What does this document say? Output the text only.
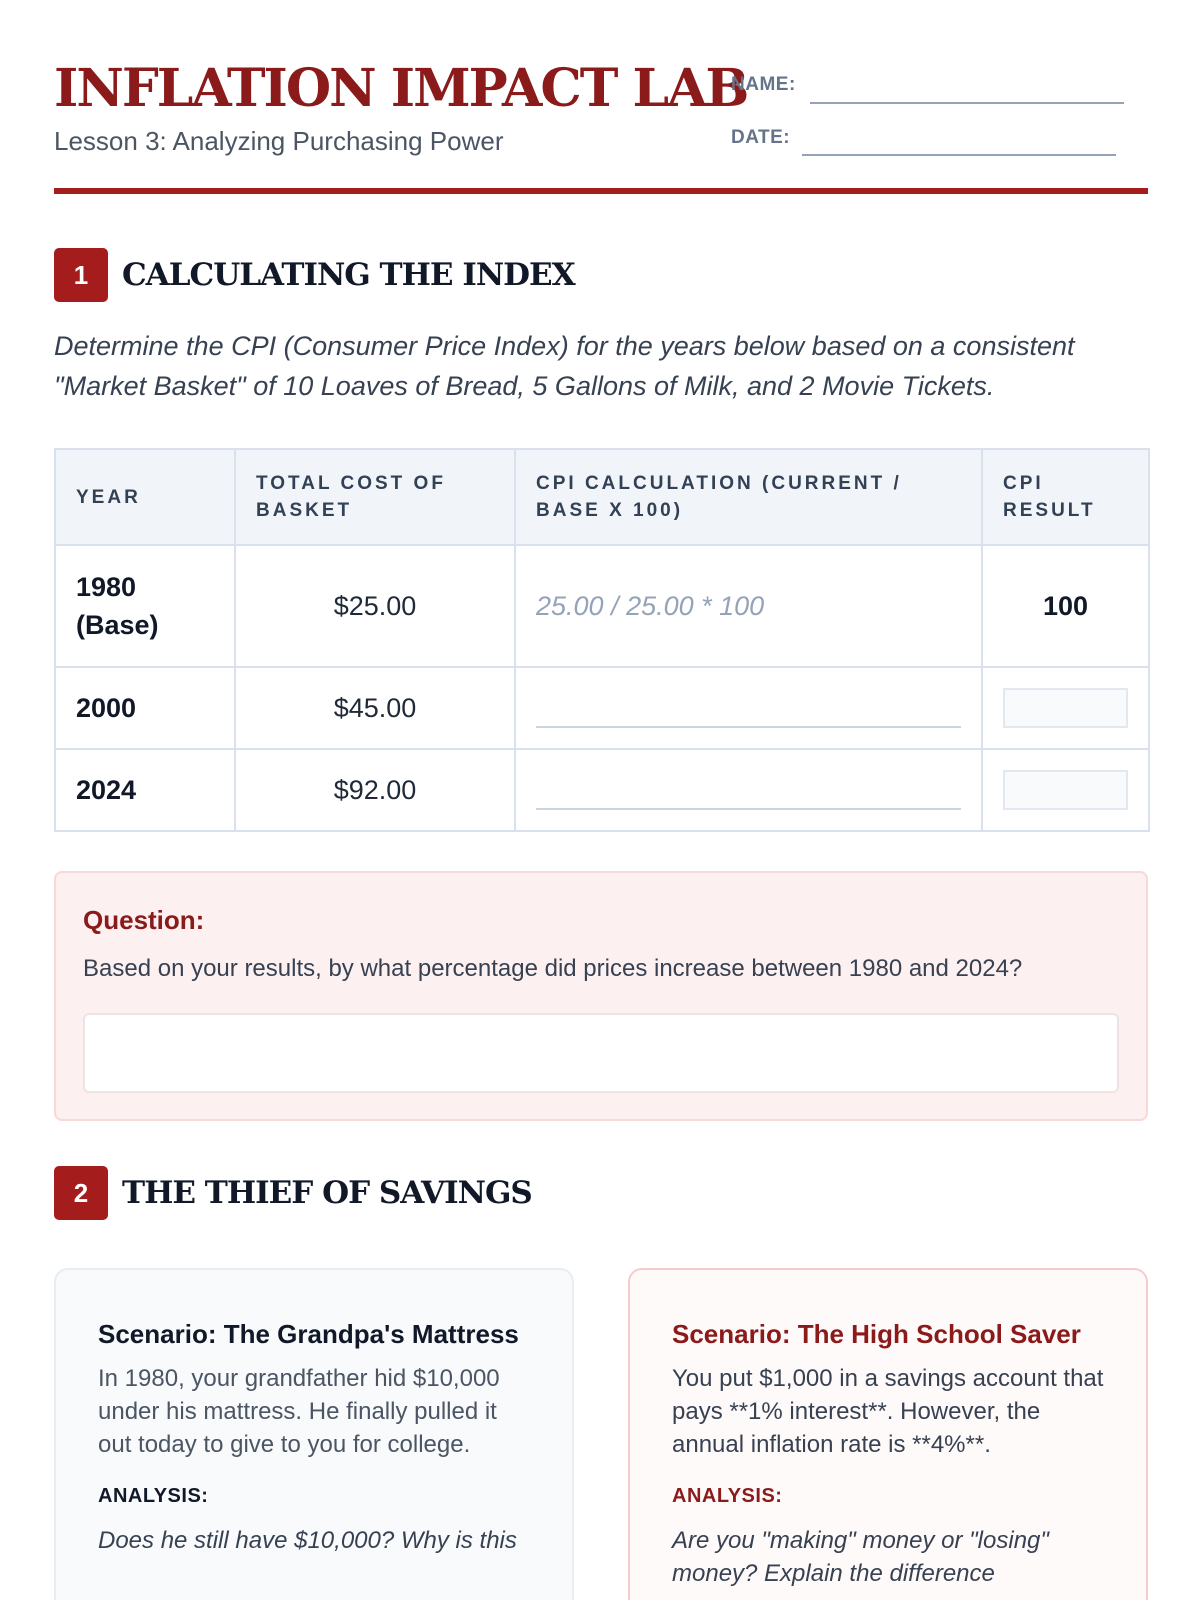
INFLATION IMPACT LAB
Lesson 3: Analyzing Purchasing Power
NAME:
DATE:
1	CALCULATING THE INDEX
Determine the CPI (Consumer Price Index) for the years below based on a consistent "Market Basket" of 10 Loaves of Bread, 5 Gallons of Milk, and 2 Movie Tickets.
YEAR	TOTAL COST OF BASKET	CPI CALCULATION (CURRENT / BASE X 100)	CPI RESULT
1980 (Base)	$25.00	25.00 / 25.00 * 100	100
2000	$45.00	

2024	$92.00	

Question:
Based on your results, by what percentage did prices increase between 1980 and 2024?
2	THE THIEF OF SAVINGS
Scenario: The Grandpa's Mattress
In 1980, your grandfather hid $10,000 under his mattress. He finally pulled it out today to give to you for college.
ANALYSIS:
Does he still have $10,000? Why is this
Scenario: The High School Saver
You put $1,000 in a savings account that pays **1% interest**. However, the annual inflation rate is **4%**.
ANALYSIS:
Are you "making" money or "losing" money? Explain the difference
